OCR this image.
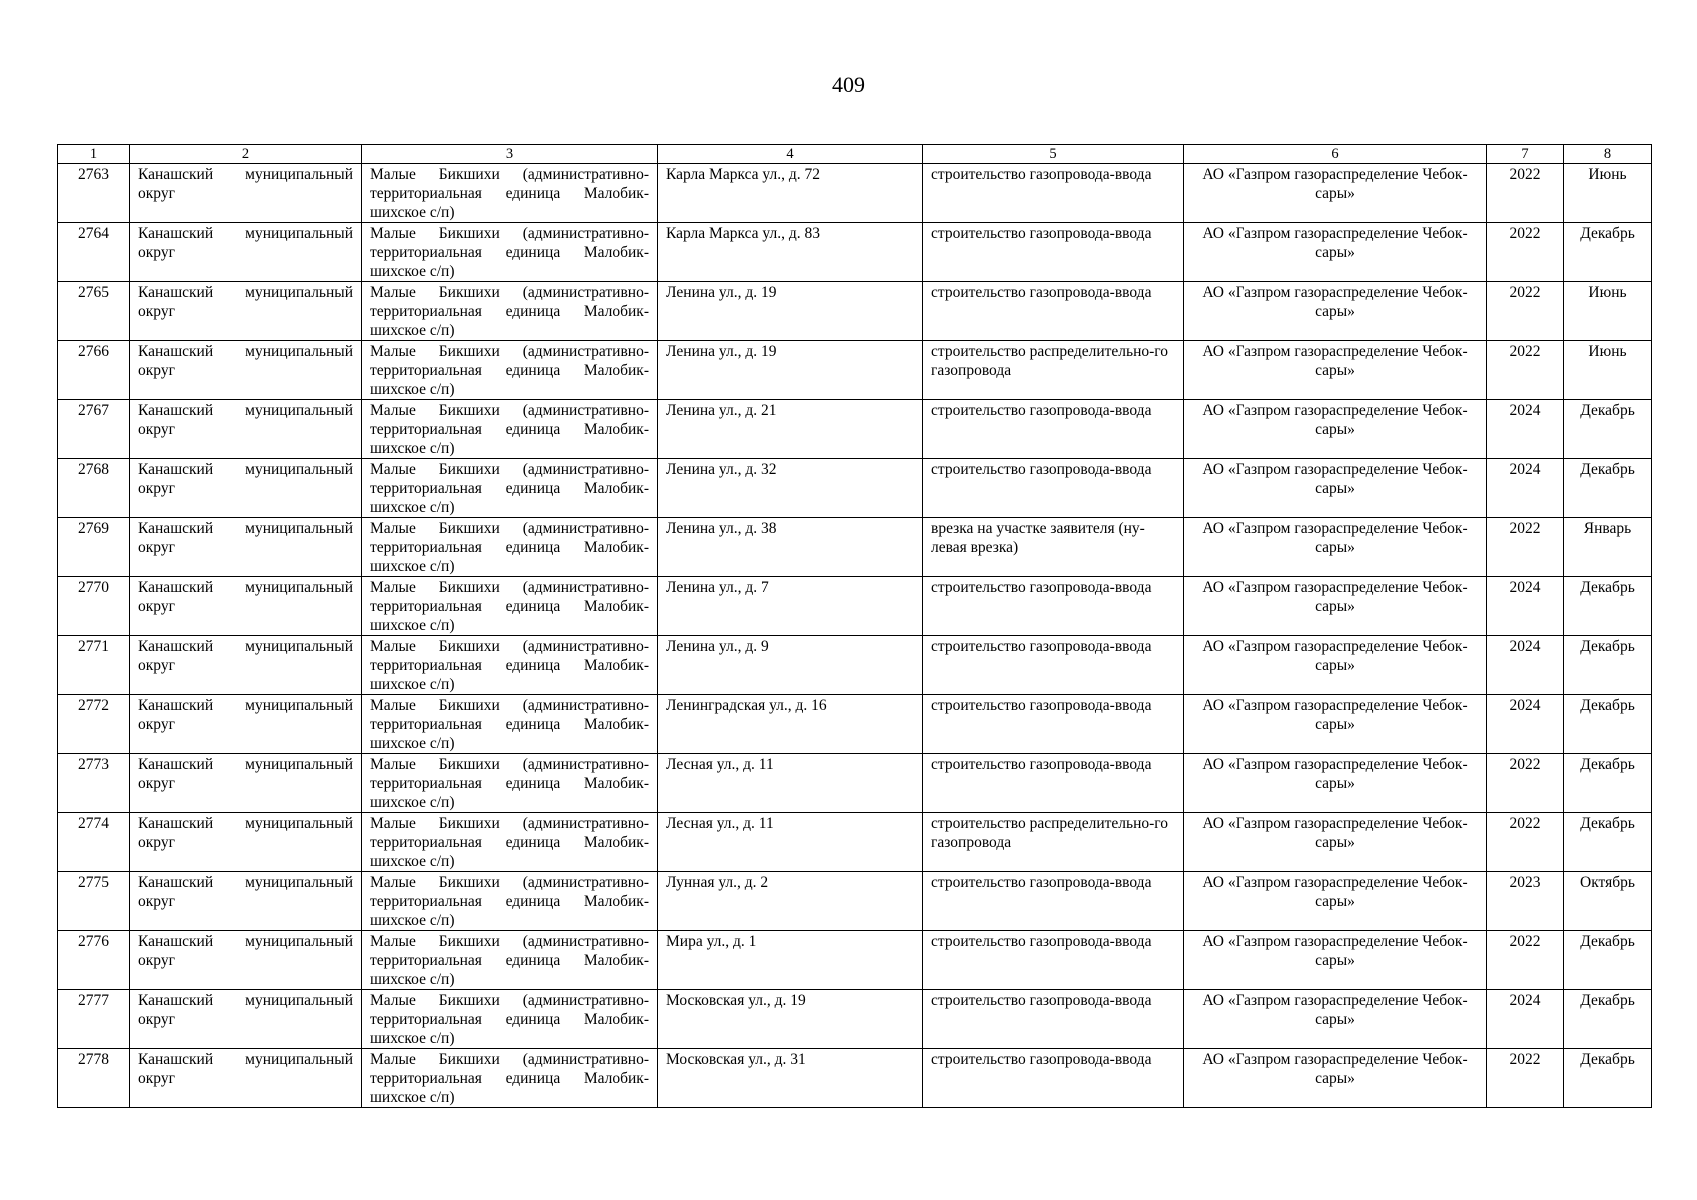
409
1	2	3	4	5	6	7	8
2763	Канашский муниципальный округ	Малые Бикшихи (административно-территориальная единица Малобик-шихское с/п)	Карла Маркса ул., д. 72	строительство газопровода-ввода	АО «Газпром газораспределение Чебок-сары»	2022	Июнь
2764	Канашский муниципальный округ	Малые Бикшихи (административно-территориальная единица Малобик-шихское с/п)	Карла Маркса ул., д. 83	строительство газопровода-ввода	АО «Газпром газораспределение Чебок-сары»	2022	Декабрь
2765	Канашский муниципальный округ	Малые Бикшихи (административно-территориальная единица Малобик-шихское с/п)	Ленина ул., д. 19	строительство газопровода-ввода	АО «Газпром газораспределение Чебок-сары»	2022	Июнь
2766	Канашский муниципальный округ	Малые Бикшихи (административно-территориальная единица Малобик-шихское с/п)	Ленина ул., д. 19	строительство распределительно-го газопровода	АО «Газпром газораспределение Чебок-сары»	2022	Июнь
2767	Канашский муниципальный округ	Малые Бикшихи (административно-территориальная единица Малобик-шихское с/п)	Ленина ул., д. 21	строительство газопровода-ввода	АО «Газпром газораспределение Чебок-сары»	2024	Декабрь
2768	Канашский муниципальный округ	Малые Бикшихи (административно-территориальная единица Малобик-шихское с/п)	Ленина ул., д. 32	строительство газопровода-ввода	АО «Газпром газораспределение Чебок-сары»	2024	Декабрь
2769	Канашский муниципальный округ	Малые Бикшихи (административно-территориальная единица Малобик-шихское с/п)	Ленина ул., д. 38	врезка на участке заявителя (ну-левая врезка)	АО «Газпром газораспределение Чебок-сары»	2022	Январь
2770	Канашский муниципальный округ	Малые Бикшихи (административно-территориальная единица Малобик-шихское с/п)	Ленина ул., д. 7	строительство газопровода-ввода	АО «Газпром газораспределение Чебок-сары»	2024	Декабрь
2771	Канашский муниципальный округ	Малые Бикшихи (административно-территориальная единица Малобик-шихское с/п)	Ленина ул., д. 9	строительство газопровода-ввода	АО «Газпром газораспределение Чебок-сары»	2024	Декабрь
2772	Канашский муниципальный округ	Малые Бикшихи (административно-территориальная единица Малобик-шихское с/п)	Ленинградская ул., д. 16	строительство газопровода-ввода	АО «Газпром газораспределение Чебок-сары»	2024	Декабрь
2773	Канашский муниципальный округ	Малые Бикшихи (административно-территориальная единица Малобик-шихское с/п)	Лесная ул., д. 11	строительство газопровода-ввода	АО «Газпром газораспределение Чебок-сары»	2022	Декабрь
2774	Канашский муниципальный округ	Малые Бикшихи (административно-территориальная единица Малобик-шихское с/п)	Лесная ул., д. 11	строительство распределительно-го газопровода	АО «Газпром газораспределение Чебок-сары»	2022	Декабрь
2775	Канашский муниципальный округ	Малые Бикшихи (административно-территориальная единица Малобик-шихское с/п)	Лунная ул., д. 2	строительство газопровода-ввода	АО «Газпром газораспределение Чебок-сары»	2023	Октябрь
2776	Канашский муниципальный округ	Малые Бикшихи (административно-территориальная единица Малобик-шихское с/п)	Мира ул., д. 1	строительство газопровода-ввода	АО «Газпром газораспределение Чебок-сары»	2022	Декабрь
2777	Канашский муниципальный округ	Малые Бикшихи (административно-территориальная единица Малобик-шихское с/п)	Московская ул., д. 19	строительство газопровода-ввода	АО «Газпром газораспределение Чебок-сары»	2024	Декабрь
2778	Канашский муниципальный округ	Малые Бикшихи (административно-территориальная единица Малобик-шихское с/п)	Московская ул., д. 31	строительство газопровода-ввода	АО «Газпром газораспределение Чебок-сары»	2022	Декабрь
